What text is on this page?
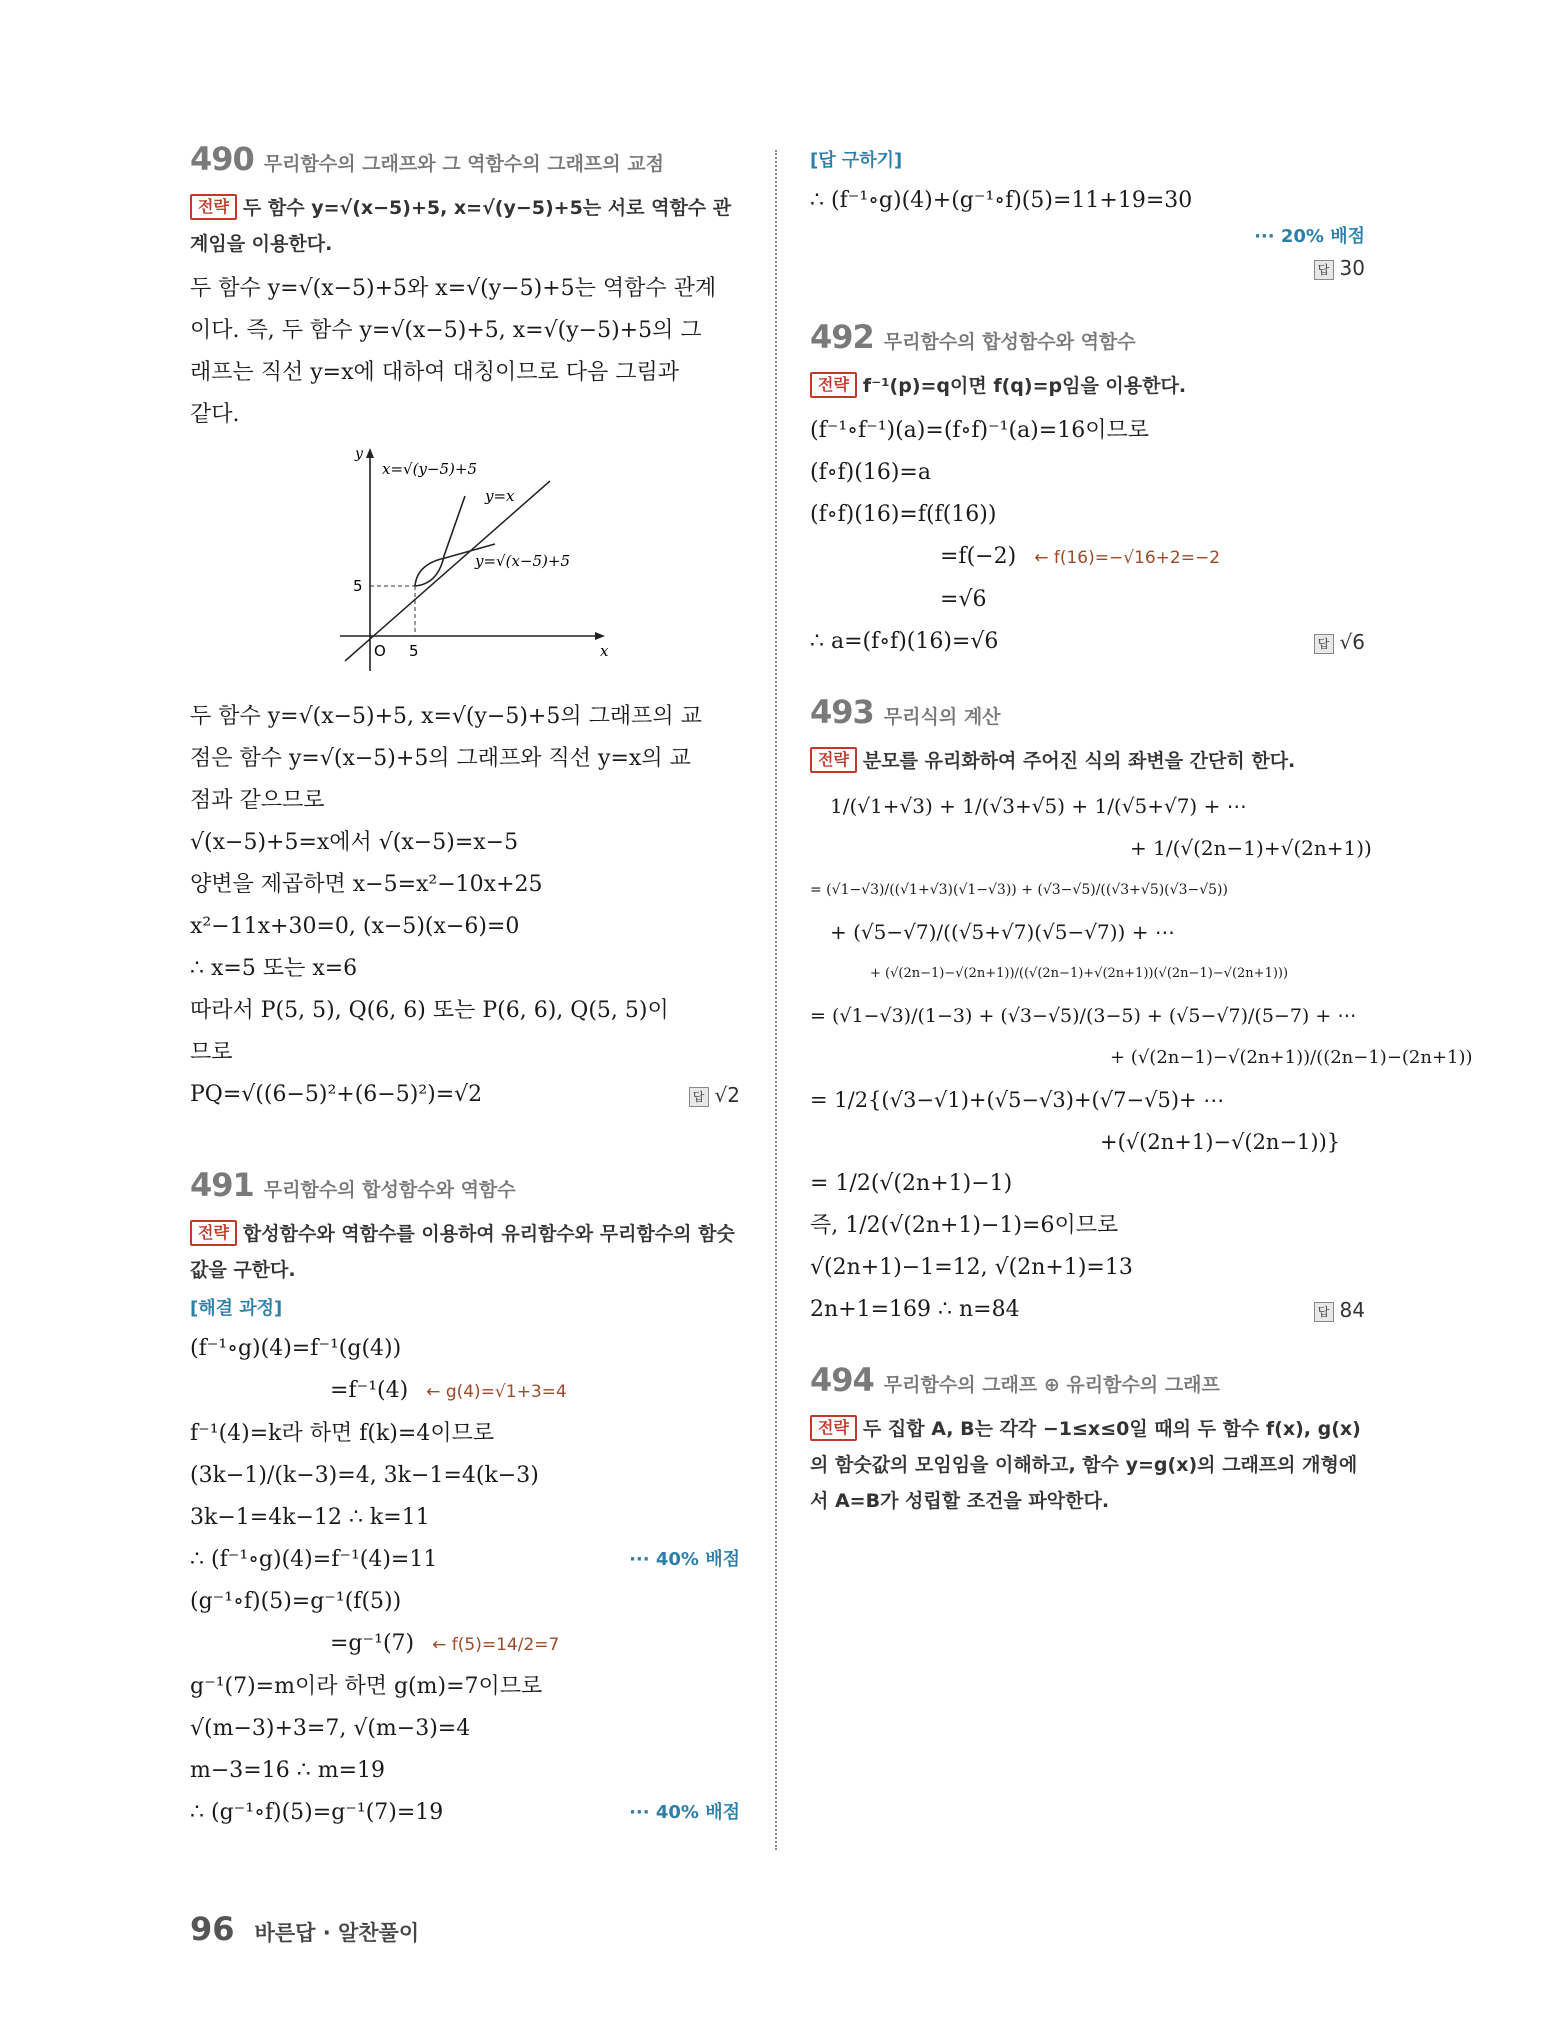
490 무리함수의 그래프와 그 역함수의 그래프의 교점
전략 두 함수 y=√(x−5)+5, x=√(y−5)+5는 서로 역함수 관계임을 이용한다.
두 함수 y=√(x−5)+5와 x=√(y−5)+5는 역함수 관계
이다. 즉, 두 함수 y=√(x−5)+5, x=√(y−5)+5의 그
래프는 직선 y=x에 대하여 대칭이므로 다음 그림과
같다.
x=√(y−5)+5
y=x
y=√(x−5)+5
y
x
O 5
5
두 함수 y=√(x−5)+5, x=√(y−5)+5의 그래프의 교
점은 함수 y=√(x−5)+5의 그래프와 직선 y=x의 교
점과 같으므로
√(x−5)+5=x에서 √(x−5)=x−5
양변을 제곱하면 x−5=x²−10x+25
x²−11x+30=0, (x−5)(x−6)=0
∴ x=5 또는 x=6
따라서 P(5, 5), Q(6, 6) 또는 P(6, 6), Q(5, 5)이
므로
PQ=√((6−5)²+(6−5)²)=√2	답 √2
491 무리함수의 합성함수와 역함수
전략 합성함수와 역함수를 이용하여 유리함수와 무리함수의 함숫값을 구한다.
[해결 과정]
(f⁻¹∘g)(4)=f⁻¹(g(4))
=f⁻¹(4) ← g(4)=√1+3=4
f⁻¹(4)=k라 하면 f(k)=4이므로
(3k−1)/(k−3)=4, 3k−1=4(k−3)
3k−1=4k−12 ∴ k=11
∴ (f⁻¹∘g)(4)=f⁻¹(4)=11	··· 40% 배점
(g⁻¹∘f)(5)=g⁻¹(f(5))
=g⁻¹(7) ← f(5)=14/2=7
g⁻¹(7)=m이라 하면 g(m)=7이므로
√(m−3)+3=7, √(m−3)=4
m−3=16 ∴ m=19
∴ (g⁻¹∘f)(5)=g⁻¹(7)=19	··· 40% 배점
[답 구하기]
∴ (f⁻¹∘g)(4)+(g⁻¹∘f)(5)=11+19=30
··· 20% 배점
답 30
492 무리함수의 합성함수와 역함수
전략 f⁻¹(p)=q이면 f(q)=p임을 이용한다.
(f⁻¹∘f⁻¹)(a)=(f∘f)⁻¹(a)=16이므로
(f∘f)(16)=a
(f∘f)(16)=f(f(16))
=f(−2) ← f(16)=−√16+2=−2
=√6
∴ a=(f∘f)(16)=√6	답 √6
493 무리식의 계산
전략 분모를 유리화하여 주어진 식의 좌변을 간단히 한다.
1/(√1+√3) + 1/(√3+√5) + 1/(√5+√7) + ⋯
+ 1/(√(2n−1)+√(2n+1))
= (√1−√3)/((√1+√3)(√1−√3)) + (√3−√5)/((√3+√5)(√3−√5))
+ (√5−√7)/((√5+√7)(√5−√7)) + ⋯
+ (√(2n−1)−√(2n+1))/((√(2n−1)+√(2n+1))(√(2n−1)−√(2n+1)))
= (√1−√3)/(1−3) + (√3−√5)/(3−5) + (√5−√7)/(5−7) + ⋯
+ (√(2n−1)−√(2n+1))/((2n−1)−(2n+1))
= 1/2{(√3−√1)+(√5−√3)+(√7−√5)+ ⋯
+(√(2n+1)−√(2n−1))}
= 1/2(√(2n+1)−1)
즉, 1/2(√(2n+1)−1)=6이므로
√(2n+1)−1=12, √(2n+1)=13
2n+1=169 ∴ n=84	답 84
494 무리함수의 그래프 ⊕ 유리함수의 그래프
전략 두 집합 A, B는 각각 −1≤x≤0일 때의 두 함수 f(x), g(x)의 함숫값의 모임임을 이해하고, 함수 y=g(x)의 그래프의 개형에서 A=B가 성립할 조건을 파악한다.
96 바른답 · 알찬풀이
